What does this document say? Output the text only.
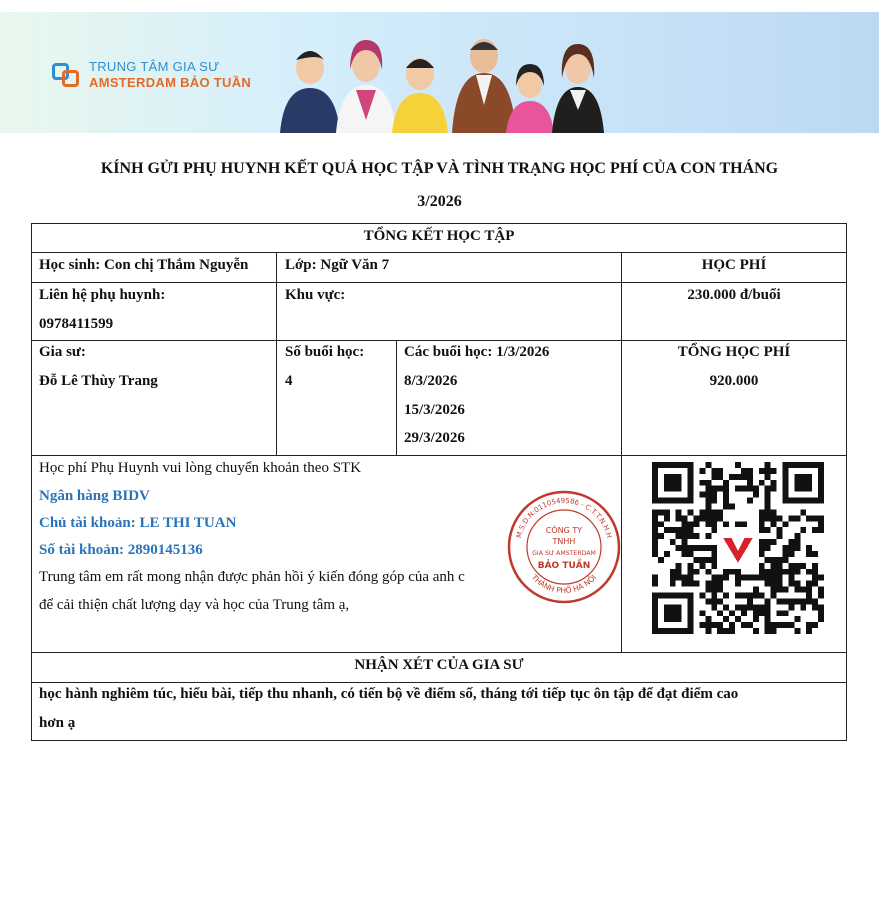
TRUNG TÂM GIA SƯ
AMSTERDAM BẢO TUẦN
KÍNH GỬI PHỤ HUYNH KẾT QUẢ HỌC TẬP VÀ TÌNH TRẠNG HỌC PHÍ CỦA CON THÁNG
3/2026
TỔNG KẾT HỌC TẬP
Học sinh: Con chị Thắm Nguyễn Lớp: Ngữ Văn 7	HỌC PHÍ
Liên hệ phụ huynh:
0978411599
Khu vực:	230.000 đ/buổi
Gia sư:
Đỗ Lê Thùy Trang
Số buổi học:
4
Các buổi học: 1/3/2026
8/3/2026
15/3/2026
29/3/2026
TỔNG HỌC PHÍ
920.000
Học phí Phụ Huynh vui lòng chuyển khoản theo STK
Ngân hàng BIDV
Chủ tài khoản: LE THI TUAN
Số tài khoản: 2890145136
Trung tâm em rất mong nhận được phản hồi ý kiến đóng góp của anh c
để cải thiện chất lượng dạy và học của Trung tâm ạ,
M.S.D.N:0110549586 - C.T.T.N.H.H
THÀNH PHỐ HÀ NỘI
CÔNG TY
TNHH
GIA SƯ AMSTERDAM
BẢO TUẦN
NHẬN XÉT CỦA GIA SƯ
học hành nghiêm túc, hiểu bài, tiếp thu nhanh, có tiến bộ về điểm số, tháng tới tiếp tục ôn tập để đạt điểm cao
hơn ạ
